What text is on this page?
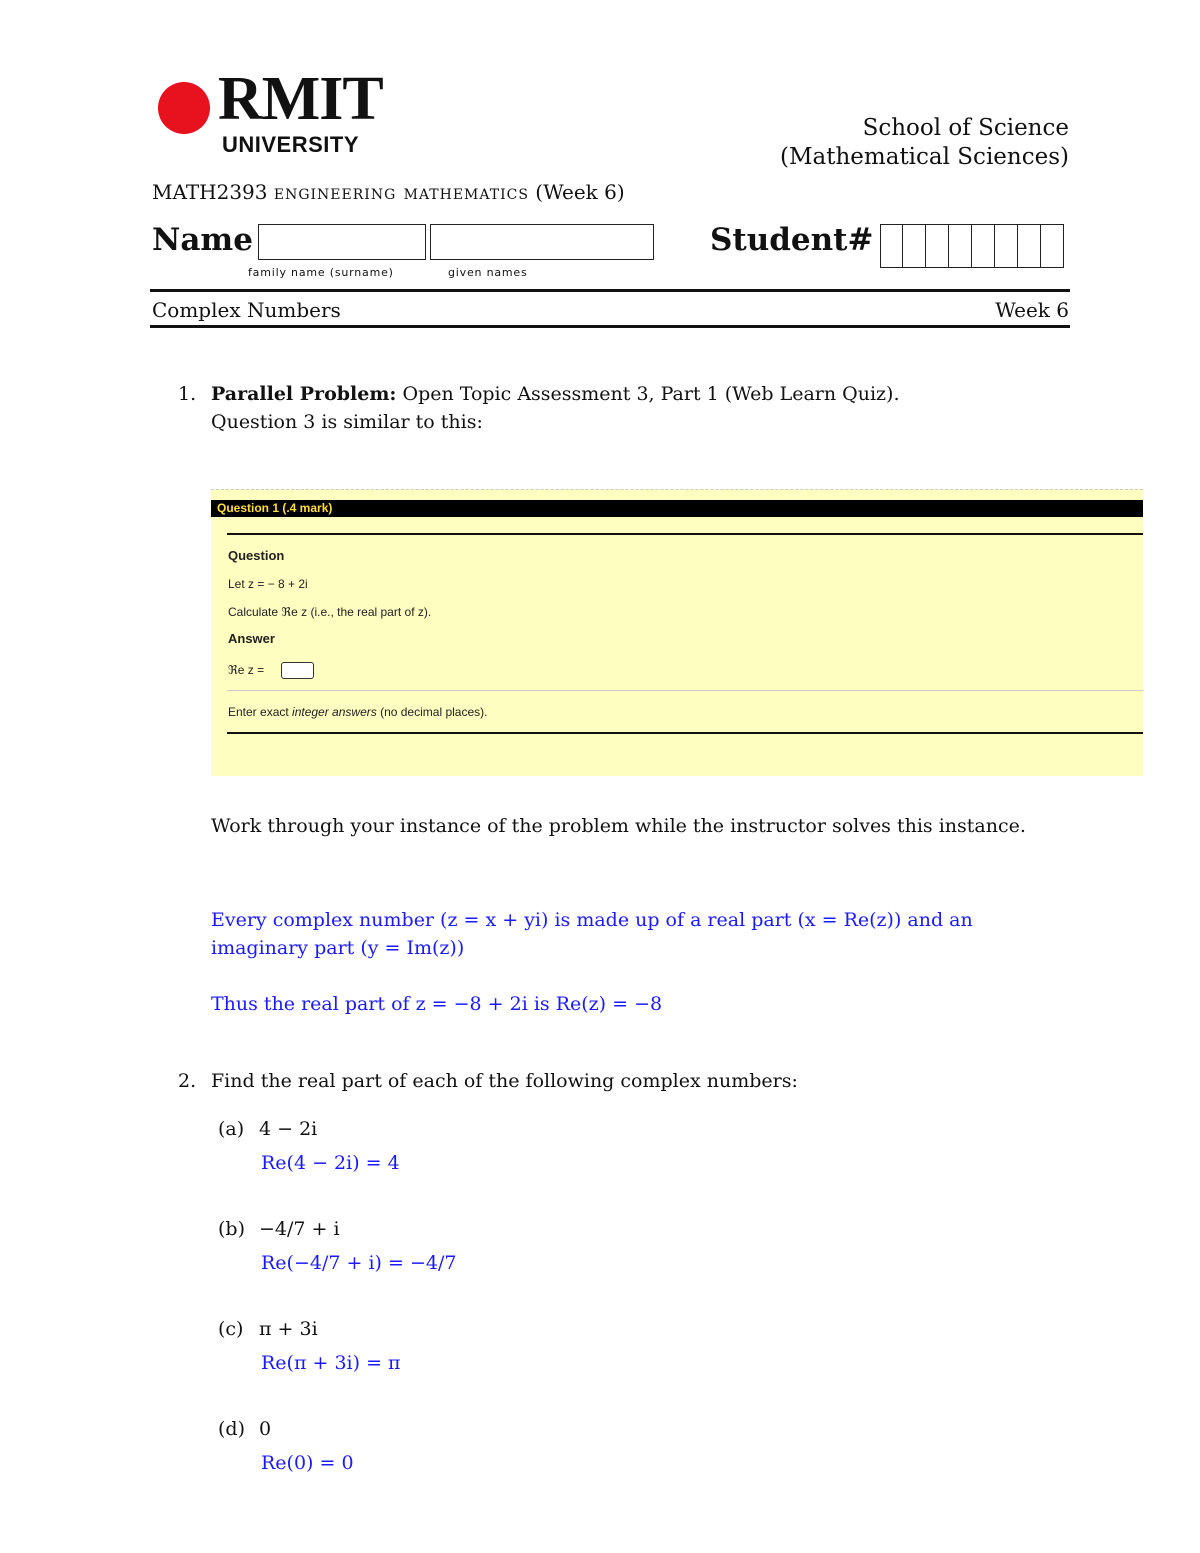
RMIT
UNIVERSITY
School of Science
(Mathematical Sciences)
MATH2393 engineering mathematics (Week 6)
Name
family name (surname)	given names
Student#
Complex Numbers	Week 6
1. Parallel Problem: Open Topic Assessment 3, Part 1 (Web Learn Quiz).
Question 3 is similar to this:
Question 1 (.4 mark)
Question
Let z = − 8 + 2i
Calculate ℜe z (i.e., the real part of z).
Answer
ℜe z =
Enter exact integer answers (no decimal places).
Work through your instance of the problem while the instructor solves this instance.
Every complex number (z = x + yi) is made up of a real part (x = Re(z)) and an
imaginary part (y = Im(z))
Thus the real part of z = −8 + 2i is Re(z) = −8
2. Find the real part of each of the following complex numbers:
(a) 4 − 2i
Re(4 − 2i) = 4
(b) −4/7 + i
Re(−4/7 + i) = −4/7
(c) π + 3i
Re(π + 3i) = π
(d) 0
Re(0) = 0
